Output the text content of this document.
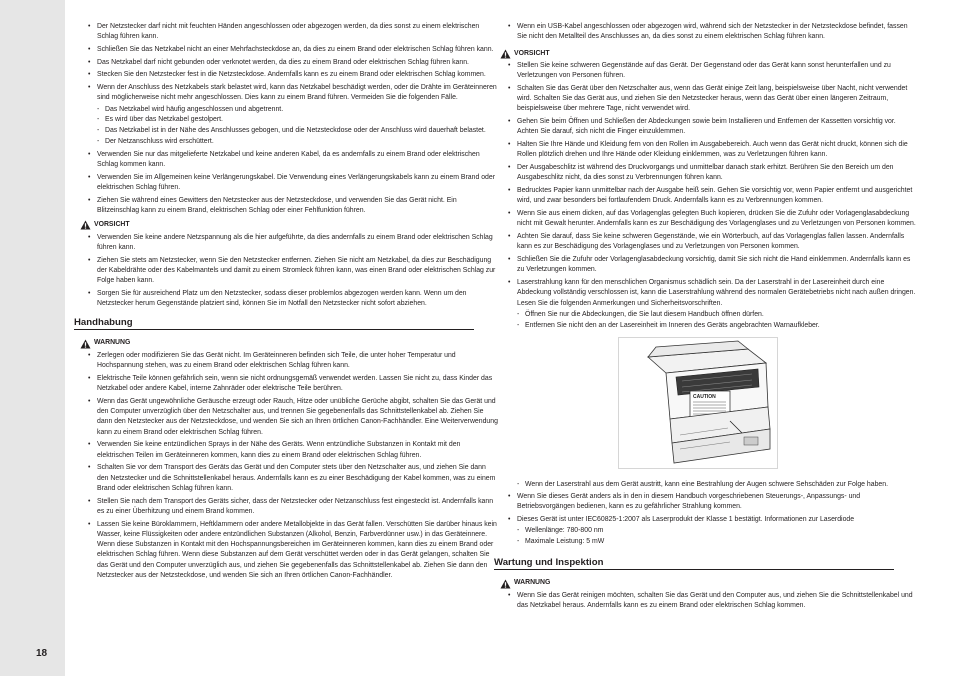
18
• Der Netzstecker darf nicht mit feuchten Händen angeschlossen oder abgezogen werden, da dies sonst zu einem elektrischen Schlag führen kann.
• Schließen Sie das Netzkabel nicht an einer Mehrfachsteckdose an, da dies zu einem Brand oder elektrischen Schlag führen kann.
• Das Netzkabel darf nicht gebunden oder verknotet werden, da dies zu einem Brand oder elektrischen Schlag führen kann.
• Stecken Sie den Netzstecker fest in die Netzsteckdose. Andernfalls kann es zu einem Brand oder elektrischen Schlag kommen.
• Wenn der Anschluss des Netzkabels stark belastet wird, kann das Netzkabel beschädigt werden, oder die Drähte im Geräteinneren sind möglicherweise nicht mehr angeschlossen. Dies kann zu einem Brand führen. Vermeiden Sie die folgenden Fälle.
- Das Netzkabel wird häufig angeschlossen und abgetrennt.
- Es wird über das Netzkabel gestolpert.
- Das Netzkabel ist in der Nähe des Anschlusses gebogen, und die Netzsteckdose oder der Anschluss wird dauerhaft belastet.
- Der Netzanschluss wird erschüttert.
• Verwenden Sie nur das mitgelieferte Netzkabel und keine anderen Kabel, da es andernfalls zu einem Brand oder elektrischen Schlag kommen kann.
• Verwenden Sie im Allgemeinen keine Verlängerungskabel. Die Verwendung eines Verlängerungskabels kann zu einem Brand oder elektrischen Schlag führen.
• Ziehen Sie während eines Gewitters den Netzstecker aus der Netzsteckdose, und verwenden Sie das Gerät nicht. Ein Blitzeinschlag kann zu einem Brand, elektrischen Schlag oder einer Fehlfunktion führen.
VORSICHT
• Verwenden Sie keine andere Netzspannung als die hier aufgeführte, da dies andernfalls zu einem Brand oder elektrischen Schlag führen kann.
• Ziehen Sie stets am Netzstecker, wenn Sie den Netzstecker entfernen. Ziehen Sie nicht am Netzkabel, da dies zur Beschädigung der Kabeldrähte oder des Kabelmantels und damit zu einem Stromleck führen kann, was einen Brand oder elektrischen Schlag zur Folge haben kann.
• Sorgen Sie für ausreichend Platz um den Netzstecker, sodass dieser problemlos abgezogen werden kann. Wenn um den Netzstecker herum Gegenstände platziert sind, können Sie im Notfall den Netzstecker nicht sofort abziehen.
Handhabung
WARNUNG
• Zerlegen oder modifizieren Sie das Gerät nicht. Im Geräteinneren befinden sich Teile, die unter hoher Temperatur und Hochspannung stehen, was zu einem Brand oder elektrischen Schlag führen kann.
• Elektrische Teile können gefährlich sein, wenn sie nicht ordnungsgemäß verwendet werden. Lassen Sie nicht zu, dass Kinder das Netzkabel oder andere Kabel, interne Zahnräder oder elektrische Teile berühren.
• Wenn das Gerät ungewöhnliche Geräusche erzeugt oder Rauch, Hitze oder unübliche Gerüche abgibt, schalten Sie das Gerät und den Computer unverzüglich über den Netzschalter aus, und trennen Sie gegebenenfalls das Schnittstellenkabel ab. Ziehen Sie dann den Netzstecker aus der Netzsteckdose, und wenden Sie sich an Ihren örtlichen Canon-Fachhändler. Eine Weiterverwendung kann zu einem Brand oder elektrischen Schlag führen.
• Verwenden Sie keine entzündlichen Sprays in der Nähe des Geräts. Wenn entzündliche Substanzen in Kontakt mit den elektrischen Teilen im Geräteinneren kommen, kann dies zu einem Brand oder elektrischen Schlag führen.
• Schalten Sie vor dem Transport des Geräts das Gerät und den Computer stets über den Netzschalter aus, und ziehen Sie dann den Netzstecker und die Schnittstellenkabel heraus. Andernfalls kann es zu einer Beschädigung der Kabel kommen, was zu einem Brand oder elektrischen Schlag führen kann.
• Stellen Sie nach dem Transport des Geräts sicher, dass der Netzstecker oder Netzanschluss fest eingesteckt ist. Andernfalls kann es zu einer Überhitzung und einem Brand kommen.
• Lassen Sie keine Büroklammern, Heftklammern oder andere Metallobjekte in das Gerät fallen. Verschütten Sie darüber hinaus kein Wasser, keine Flüssigkeiten oder andere entzündlichen Substanzen (Alkohol, Benzin, Farbverdünner usw.) in das Geräteinnere. Wenn diese Substanzen in Kontakt mit den Hochspannungsbereichen im Geräteinneren kommen, kann dies zu einem Brand oder elektrischen Schlag führen. Wenn diese Substanzen auf dem Gerät verschüttet werden oder in das Gerät gelangen, schalten Sie das Gerät und den Computer unverzüglich aus, und ziehen Sie gegebenenfalls das Schnittstellenkabel ab. Ziehen Sie dann den Netzstecker aus der Netzsteckdose, und wenden Sie sich an Ihren örtlichen Canon-Fachhändler.
• Wenn ein USB-Kabel angeschlossen oder abgezogen wird, während sich der Netzstecker in der Netzsteckdose befindet, fassen Sie nicht den Metallteil des Anschlusses an, da dies sonst zu einem elektrischen Schlag führen kann.
VORSICHT
• Stellen Sie keine schweren Gegenstände auf das Gerät. Der Gegenstand oder das Gerät kann sonst herunterfallen und zu Verletzungen von Personen führen.
• Schalten Sie das Gerät über den Netzschalter aus, wenn das Gerät einige Zeit lang, beispielsweise über Nacht, nicht verwendet wird. Schalten Sie das Gerät aus, und ziehen Sie den Netzstecker heraus, wenn das Gerät über einen längeren Zeitraum, beispielsweise über mehrere Tage, nicht verwendet wird.
• Gehen Sie beim Öffnen und Schließen der Abdeckungen sowie beim Installieren und Entfernen der Kassetten vorsichtig vor. Achten Sie darauf, sich nicht die Finger einzuklemmen.
• Halten Sie Ihre Hände und Kleidung fern von den Rollen im Ausgabebereich. Auch wenn das Gerät nicht druckt, können sich die Rollen plötzlich drehen und Ihre Hände oder Kleidung einklemmen, was zu Verletzungen führen kann.
• Der Ausgabeschlitz ist während des Druckvorgangs und unmittelbar danach stark erhitzt. Berühren Sie den Bereich um den Ausgabeschlitz nicht, da dies sonst zu Verbrennungen führen kann.
• Bedrucktes Papier kann unmittelbar nach der Ausgabe heiß sein. Gehen Sie vorsichtig vor, wenn Papier entfernt und ausgerichtet wird, und zwar besonders bei fortlaufendem Druck. Andernfalls kann es zu Verbrennungen kommen.
• Wenn Sie aus einem dicken, auf das Vorlagenglas gelegten Buch kopieren, drücken Sie die Zufuhr oder Vorlagenglasabdeckung nicht mit Gewalt herunter. Andernfalls kann es zur Beschädigung des Vorlagenglases und zu Verletzungen von Personen kommen.
• Achten Sie darauf, dass Sie keine schweren Gegenstände, wie ein Wörterbuch, auf das Vorlagenglas fallen lassen. Andernfalls kann es zur Beschädigung des Vorlagenglases und zu Verletzungen von Personen kommen.
• Schließen Sie die Zufuhr oder Vorlagenglasabdeckung vorsichtig, damit Sie sich nicht die Hand einklemmen. Andernfalls kann es zu Verletzungen kommen.
• Laserstrahlung kann für den menschlichen Organismus schädlich sein. Da der Laserstrahl in der Lasereinheit durch eine Abdeckung vollständig verschlossen ist, kann die Laserstrahlung während des normalen Gerätebetriebs nicht nach außen dringen. Lesen Sie die folgenden Anmerkungen und Sicherheitsvorschriften.
- Öffnen Sie nur die Abdeckungen, die Sie laut diesem Handbuch öffnen dürfen.
- Entfernen Sie nicht den an der Lasereinheit im Inneren des Geräts angebrachten Warnaufkleber.
CAUTION
- Wenn der Laserstrahl aus dem Gerät austritt, kann eine Bestrahlung der Augen schwere Sehschäden zur Folge haben.
• Wenn Sie dieses Gerät anders als in den in diesem Handbuch vorgeschriebenen Steuerungs-, Anpassungs- und Betriebsvorgängen bedienen, kann es zu gefährlicher Strahlung kommen.
• Dieses Gerät ist unter IEC60825-1:2007 als Laserprodukt der Klasse 1 bestätigt. Informationen zur Laserdiode
- Wellenlänge: 780-800 nm
- Maximale Leistung: 5 mW
Wartung und Inspektion
WARNUNG
• Wenn Sie das Gerät reinigen möchten, schalten Sie das Gerät und den Computer aus, und ziehen Sie die Schnittstellenkabel und das Netzkabel heraus. Andernfalls kann es zu einem Brand oder elektrischen Schlag kommen.
